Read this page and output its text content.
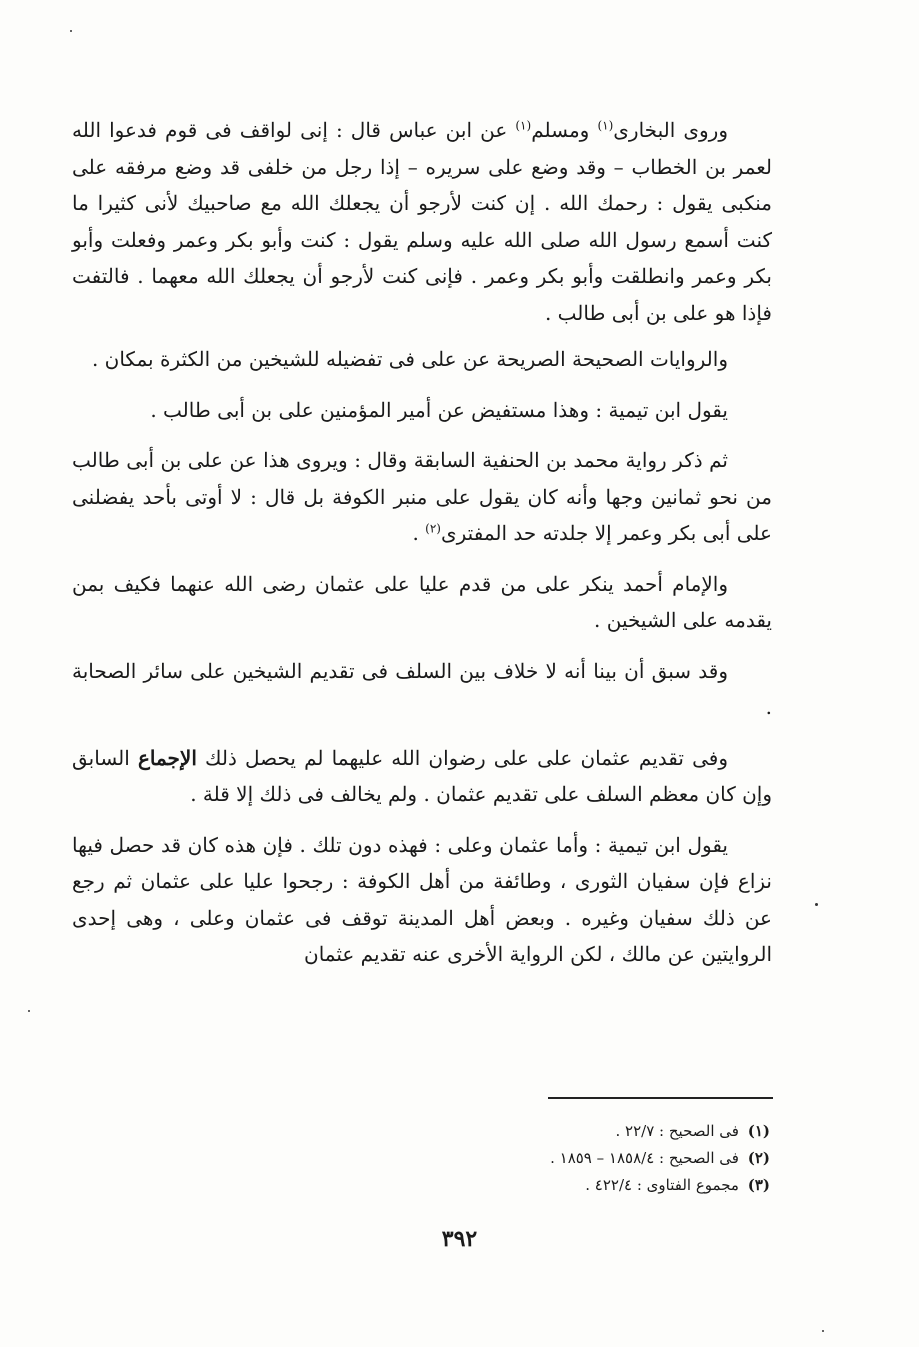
وروى البخارى$^{(١)}$ ومسلم$^{(١)}$ عن ابن عباس قال : إنى لواقف فى قوم فدعوا الله لعمر بن الخطاب – وقد وضع على سريره – إذا رجل من خلفى قد وضع مرفقه على منكبى يقول : رحمك الله . إن كنت لأرجو أن يجعلك الله مع صاحبيك لأنى كثيرا ما كنت أسمع رسول الله صلى الله عليه وسلم يقول : كنت وأبو بكر وعمر وفعلت وأبو بكر وعمر وانطلقت وأبو بكر وعمر . فإنى كنت لأرجو أن يجعلك الله معهما . فالتفت فإذا هو على بن أبى طالب .

والروايات الصحيحة الصريحة عن على فى تفضيله للشيخين من الكثرة بمكان .

يقول ابن تيمية : وهذا مستفيض عن أمير المؤمنين على بن أبى طالب .

ثم ذكر رواية محمد بن الحنفية السابقة وقال : ويروى هذا عن على بن أبى طالب من نحو ثمانين وجها وأنه كان يقول على منبر الكوفة بل قال : لا أوتى بأحد يفضلنى على أبى بكر وعمر إلا جلدته حد المفترى$^{(٢)}$ .

والإمام أحمد ينكر على من قدم عليا على عثمان رضى الله عنهما فكيف بمن يقدمه على الشيخين .

وقد سبق أن بينا أنه لا خلاف بين السلف فى تقديم الشيخين على سائر الصحابة .

وفى تقديم عثمان على على رضوان الله عليهما لم يحصل ذلك الإجماع السابق وإن كان معظم السلف على تقديم عثمان . ولم يخالف فى ذلك إلا قلة .

يقول ابن تيمية : وأما عثمان وعلى : فهذه دون تلك . فإن هذه كان قد حصل فيها نزاع فإن سفيان الثورى ، وطائفة من أهل الكوفة : رجحوا عليا على عثمان ثم رجع عن ذلك سفيان وغيره . وبعض أهل المدينة توقف فى عثمان وعلى ، وهى إحدى الروايتين عن مالك ، لكن الرواية الأخرى عنه تقديم عثمان

(١) فى الصحيح : ٢٢/٧ .
(٢) فى الصحيح : ١٨٥٨/٤ – ١٨٥٩ .
(٣) مجموع الفتاوى : ٤٢٢/٤ .
٣٩٢
